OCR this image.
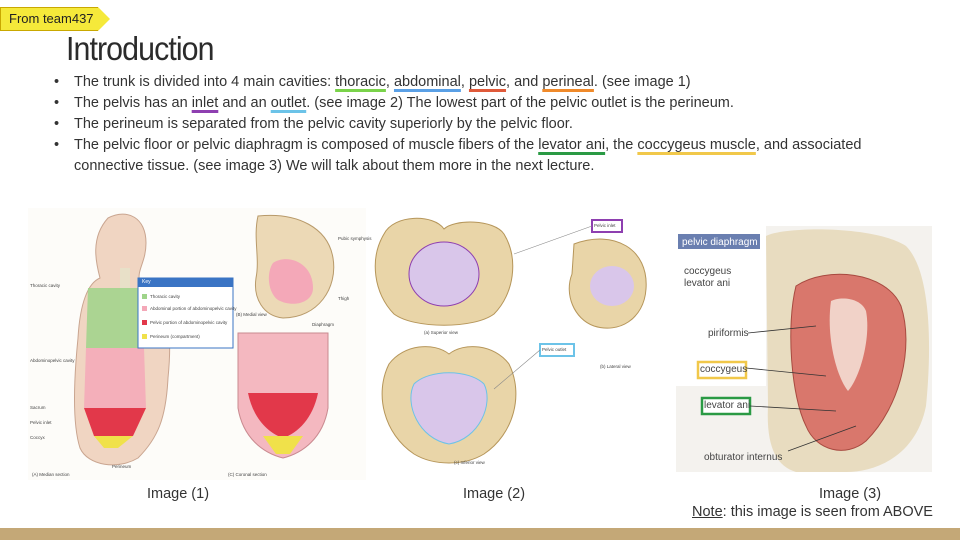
From team437
Introduction
• The trunk is divided into 4 main cavities: thoracic, abdominal, pelvic, and perineal. (see image 1)
• The pelvis has an inlet and an outlet. (see image 2) The lowest part of the pelvic outlet is the perineum.
• The perineum is separated from the pelvic cavity superiorly by the pelvic floor.
• The pelvic floor or pelvic diaphragm is composed of muscle fibers of the levator ani, the coccygeus muscle, and associated connective tissue. (see image 3) We will talk about them more in the next lecture.
Key
Thoracic cavity
Abdominal portion of abdominopelvic cavity
Pelvic portion of abdominopelvic cavity
Perineum (compartment)
Thoracic cavity
Abdominopelvic cavity
Sacrum
Pelvic inlet
Coccyx
Perineum
(A) Median section
(B) Medial view
(C) Coronal section
Diaphragm
Thigh
Pubic symphysis
Image (1)
Pelvic inlet
Pelvic outlet
(a) Superior view
(b) Lateral view
(c) Inferior view
Image (2)
pelvic diaphragm
coccygeus
levator ani
piriformis
coccygeus
levator ani
obturator internus
Image (3)
Note: this image is seen from ABOVE
